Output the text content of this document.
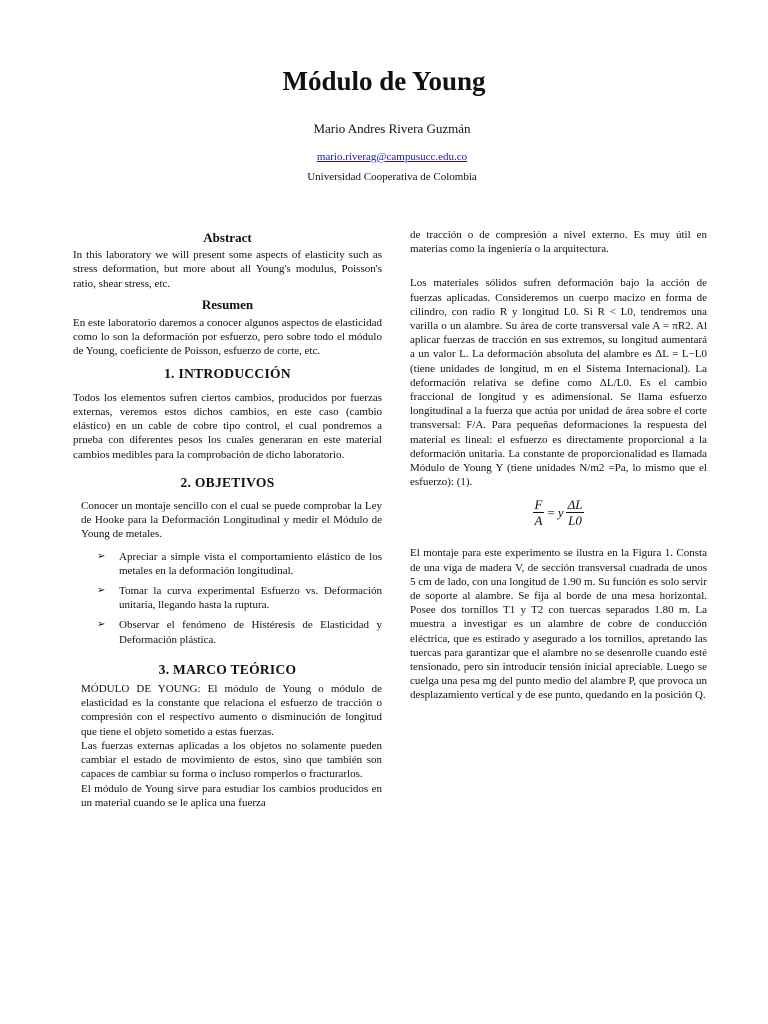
Módulo de Young
Mario Andres Rivera Guzmán
mario.riverag@campusucc.edu.co
Universidad Cooperativa de Colombia
Abstract

In this laboratory we will present some aspects of elasticity such as stress deformation, but more about all Young's modulus, Poisson's ratio, shear stress, etc.

Resumen

En este laboratorio daremos a conocer algunos aspectos de elasticidad como lo son la deformación por esfuerzo, pero sobre todo el módulo de Young, coeficiente de Poisson, esfuerzo de corte, etc.

1. INTRODUCCIÓN

Todos los elementos sufren ciertos cambios, producidos por fuerzas externas, veremos estos dichos cambios, en este caso (cambio elástico) en un cable de cobre tipo control, el cual pondremos a prueba con diferentes pesos los cuales generaran en este material cambios medibles para la comprobación de dicho laboratorio.

2. OBJETIVOS

Conocer un montaje sencillo con el cual se puede comprobar la Ley de Hooke para la Deformación Longitudinal y medir el Módulo de Young de metales.

➢ Apreciar a simple vista el comportamiento elástico de los metales en la deformación longitudinal.
➢ Tomar la curva experimental Esfuerzo vs. Deformación unitaria, llegando hasta la ruptura.
➢ Observar el fenómeno de Histéresis de Elasticidad y Deformación plástica.
3. MARCO TEÓRICO

MÓDULO DE YOUNG: El módulo de Young o módulo de elasticidad es la constante que relaciona el esfuerzo de tracción o compresión con el respectivo aumento o disminución de longitud que tiene el objeto sometido a estas fuerzas.

Las fuerzas externas aplicadas a los objetos no solamente pueden cambiar el estado de movimiento de estos, sino que también son capaces de cambiar su forma o incluso romperlos o fracturarlos.

El módulo de Young sirve para estudiar los cambios producidos en un material cuando se le aplica una fuerza

de tracción o de compresión a nivel externo. Es muy útil en materias como la ingeniería o la arquitectura.

Los materiales sólidos sufren deformación bajo la acción de fuerzas aplicadas. Consideremos un cuerpo macizo en forma de cilindro, con radio R y longitud L0. Si R < L0, tendremos una varilla o un alambre. Su área de corte transversal vale A = πR2. Al aplicar fuerzas de tracción en sus extremos, su longitud aumentará a un valor L. La deformación absoluta del alambre es ΔL = L−L0 (tiene unidades de longitud, m en el Sistema Internacional). La deformación relativa se define como ΔL/L0. Es el cambio fraccional de longitud y es adimensional. Se llama esfuerzo longitudinal a la fuerza que actúa por unidad de área sobre el corte transversal: F/A. Para pequeñas deformaciones la respuesta del material es lineal: el esfuerzo es directamente proporcional a la deformación unitaria. La constante de proporcionalidad es llamada Módulo de Young Y (tiene unidades N/m2 =Pa, lo mismo que el esfuerzo): (1).

$\frac{F}{A} = y \frac{\Delta L}{L0}$

El montaje para este experimento se ilustra en la Figura 1. Consta de una viga de madera V, de sección transversal cuadrada de unos 5 cm de lado, con una longitud de 1.90 m. Su función es solo servir de soporte al alambre. Se fija al borde de una mesa horizontal. Posee dos tornillos T1 y T2 con tuercas separados 1.80 m. La muestra a investigar es un alambre de cobre de conducción eléctrica, que es estirado y asegurado a los tornillos, apretando las tuercas para garantizar que el alambre no se desenrolle cuando esté tensionado, pero sin introducir tensión inicial apreciable. Luego se cuelga una pesa mg del punto medio del alambre P, que provoca un desplazamiento vertical y de ese punto, quedando en la posición Q.
